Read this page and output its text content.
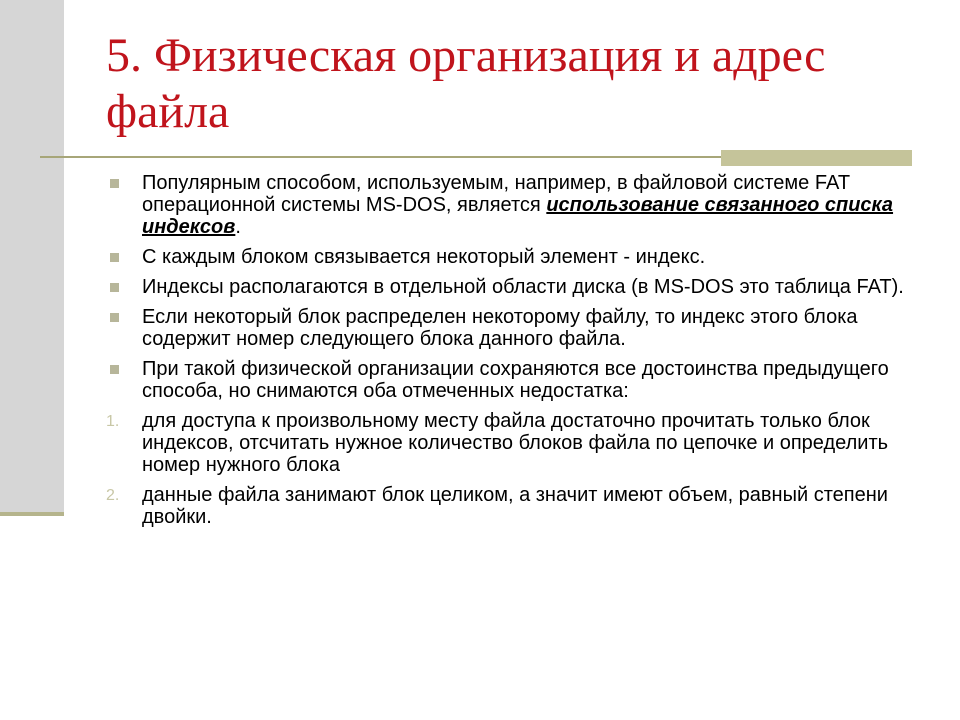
5. Физическая организация и адрес файла
Популярным способом, используемым, например, в файловой системе FAT операционной системы MS-DOS, является использование связанного списка индексов.
С каждым блоком связывается некоторый элемент - индекс.
Индексы располагаются в отдельной области диска (в MS-DOS это таблица FAT).
Если некоторый блок распределен некоторому файлу, то индекс этого блока содержит номер следующего блока данного файла.
При такой физической организации сохраняются все достоинства предыдущего способа, но снимаются оба отмеченных недостатка:
1. для доступа к произвольному месту файла достаточно прочитать только блок индексов, отсчитать нужное количество блоков файла по цепочке и определить номер нужного блока
2. данные файла занимают блок целиком, а значит имеют объем, равный степени двойки.
